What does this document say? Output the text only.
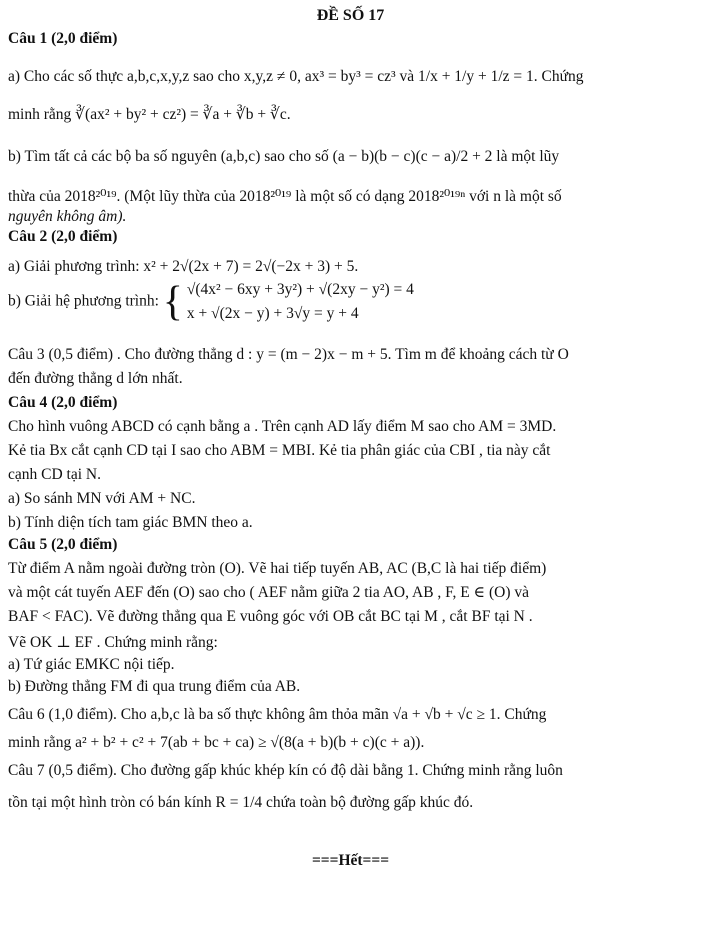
ĐỀ SỐ 17
Câu 1 (2,0 điểm)
a) Cho các số thực a,b,c,x,y,z sao cho x,y,z ≠ 0, ax³ = by³ = cz³ và 1/x + 1/y + 1/z = 1. Chứng
minh rằng ∛(ax² + by² + cz²) = ∛a + ∛b + ∛c.
b) Tìm tất cả các bộ ba số nguyên (a,b,c) sao cho số (a − b)(b − c)(c − a)/2 + 2 là một lũy
thừa của 2018²⁰¹⁹. (Một lũy thừa của 2018²⁰¹⁹ là một số có dạng 2018²⁰¹⁹ⁿ với n là một số
nguyên không âm).
Câu 2 (2,0 điểm)
a) Giải phương trình: x² + 2√(2x + 7) = 2√(−2x + 3) + 5.
b) Giải hệ phương trình: { √(4x² − 6xy + 3y²) + √(2xy − y²) = 4
x + √(2x − y) + 3√y = y + 4
Câu 3 (0,5 điểm) . Cho đường thẳng d : y = (m − 2)x − m + 5. Tìm m để khoảng cách từ O
đến đường thẳng d lớn nhất.
Câu 4 (2,0 điểm)
Cho hình vuông ABCD có cạnh bằng a . Trên cạnh AD lấy điểm M sao cho AM = 3MD.
Kẻ tia Bx cắt cạnh CD tại I sao cho ABM = MBI. Kẻ tia phân giác của CBI , tia này cắt
cạnh CD tại N.
a) So sánh MN với AM + NC.
b) Tính diện tích tam giác BMN theo a.
Câu 5 (2,0 điểm)
Từ điểm A nằm ngoài đường tròn (O). Vẽ hai tiếp tuyến AB, AC (B,C là hai tiếp điểm)
và một cát tuyến AEF đến (O) sao cho ( AEF nằm giữa 2 tia AO, AB , F, E ∈ (O) và
BAF < FAC). Vẽ đường thẳng qua E vuông góc với OB cắt BC tại M , cắt BF tại N .
Vẽ OK ⊥ EF . Chứng minh rằng:
a) Tứ giác EMKC nội tiếp.
b) Đường thẳng FM đi qua trung điểm của AB.
Câu 6 (1,0 điểm). Cho a,b,c là ba số thực không âm thỏa mãn √a + √b + √c ≥ 1. Chứng
minh rằng a² + b² + c² + 7(ab + bc + ca) ≥ √(8(a + b)(b + c)(c + a)).
Câu 7 (0,5 điểm). Cho đường gấp khúc khép kín có độ dài bằng 1. Chứng minh rằng luôn
tồn tại một hình tròn có bán kính R = 1/4 chứa toàn bộ đường gấp khúc đó.
===Hết===
